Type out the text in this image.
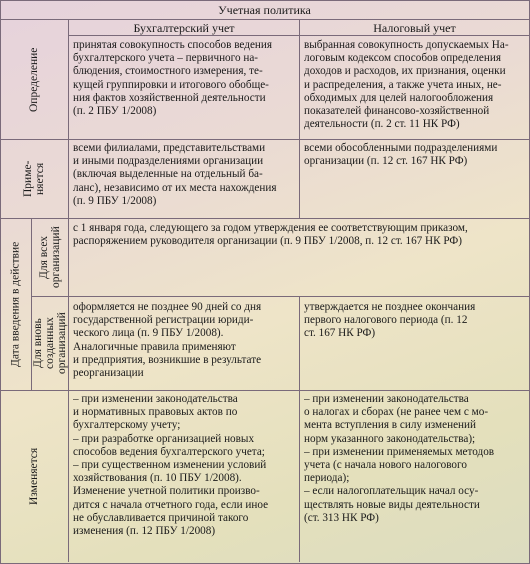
Учетная политика
Бухгалтерский учет	Налоговый учет
Определение
принятая совокупность способов ведения
бухгалтерского учета – первичного на-
блюдения, стоимостного измерения, те-
кущей группировки и итогового обобще-
ния фактов хозяйственной деятельности
(п. 2 ПБУ 1/2008)
выбранная совокупность допускаемых На-
логовым кодексом способов определения
доходов и расходов, их признания, оценки
и распределения, а также учета иных, не-
обходимых для целей налогообложения
показателей финансово-хозяйственной
деятельности (п. 2 ст. 11 НК РФ)
Приме-
няется
всеми филиалами, представительствами
и иными подразделениями организации
(включая выделенные на отдельный ба-
ланс), независимо от их места нахождения
(п. 9 ПБУ 1/2008)
всеми обособленными подразделениями
организации (п. 12 ст. 167 НК РФ)
Дата введения в действие Для всех
организаций с 1 января года, следующего за годом утверждения ее соответствующим приказом,
распоряжением руководителя организации (п. 9 ПБУ 1/2008, п. 12 ст. 167 НК РФ)
Для вновь
созданных
организаций
оформляется не позднее 90 дней со дня
государственной регистрации юриди-
ческого лица (п. 9 ПБУ 1/2008).
Аналогичные правила применяют
и предприятия, возникшие в результате
реорганизации
утверждается не позднее окончания
первого налогового периода (п. 12
ст. 167 НК РФ)
Изменяется
– при изменении законодательства
и нормативных правовых актов по
бухгалтерскому учету;
– при разработке организацией новых
способов ведения бухгалтерского учета;
– при существенном изменении условий
хозяйствования (п. 10 ПБУ 1/2008).
Изменение учетной политики произво-
дится с начала отчетного года, если иное
не обуславливается причиной такого
изменения (п. 12 ПБУ 1/2008)
– при изменении законодательства
о налогах и сборах (не ранее чем с мо-
мента вступления в силу изменений
норм указанного законодательства);
– при изменении применяемых методов
учета (с начала нового налогового
периода);
– если налогоплательщик начал осу-
ществлять новые виды деятельности
(ст. 313 НК РФ)
